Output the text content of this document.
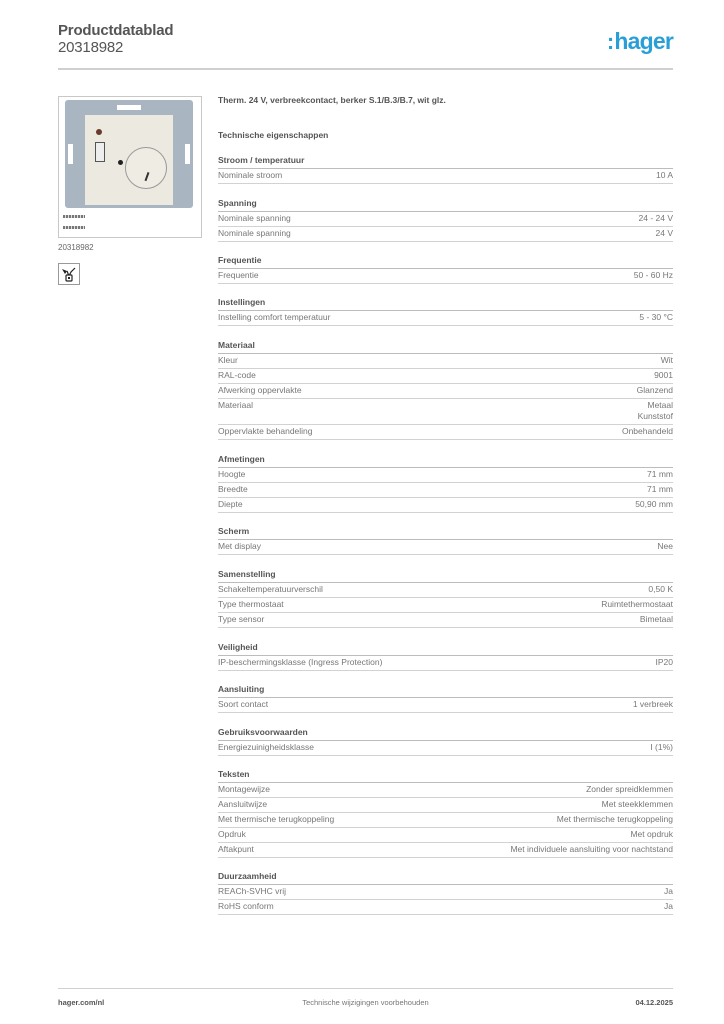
Productdatablad
20318982	:hager
20318982
Therm. 24 V, verbreekcontact, berker S.1/B.3/B.7, wit glz.
Technische eigenschappen
Stroom / temperatuur
Nominale stroom	10 A
Spanning
Nominale spanning	24 - 24 V
Nominale spanning	24 V
Frequentie
Frequentie	50 - 60 Hz
Instellingen
Instelling comfort temperatuur	5 - 30 °C
Materiaal
Kleur	Wit
RAL-code	9001
Afwerking oppervlakte	Glanzend
Materiaal	Metaal
Kunststof
Oppervlakte behandeling	Onbehandeld
Afmetingen
Hoogte	71 mm
Breedte	71 mm
Diepte	50,90 mm
Scherm
Met display	Nee
Samenstelling
Schakeltemperatuurverschil	0,50 K
Type thermostaat	Ruimtethermostaat
Type sensor	Bimetaal
Veiligheid
IP-beschermingsklasse (Ingress Protection)	IP20
Aansluiting
Soort contact	1 verbreek
Gebruiksvoorwaarden
Energiezuinigheidsklasse	I (1%)
Teksten
Montagewijze	Zonder spreidklemmen
Aansluitwijze	Met steekklemmen
Met thermische terugkoppeling	Met thermische terugkoppeling
Opdruk	Met opdruk
Aftakpunt	Met individuele aansluiting voor nachtstand
Duurzaamheid
REACh-SVHC vrij	Ja
RoHS conform	Ja
Technische wijzigingen voorbehouden
hager.com/nl	04.12.2025
